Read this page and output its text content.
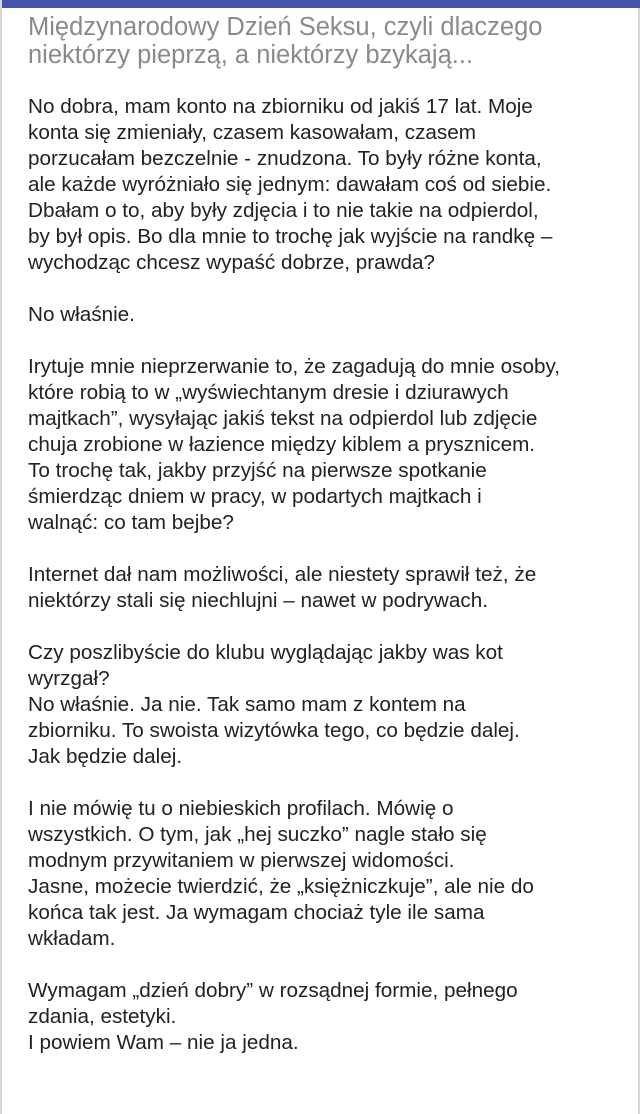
Międzynarodowy Dzień Seksu, czyli dlaczego
niektórzy pieprzą, a niektórzy bzykają...

No dobra, mam konto na zbiorniku od jakiś 17 lat. Moje
konta się zmieniały, czasem kasowałam, czasem
porzucałam bezczelnie - znudzona. To były różne konta,
ale każde wyróżniało się jednym: dawałam coś od siebie.
Dbałam o to, aby były zdjęcia i to nie takie na odpierdol,
by był opis. Bo dla mnie to trochę jak wyjście na randkę –
wychodząc chcesz wypaść dobrze, prawda?

No właśnie.

Irytuje mnie nieprzerwanie to, że zagadują do mnie osoby,
które robią to w „wyświechtanym dresie i dziurawych
majtkach”, wysyłając jakiś tekst na odpierdol lub zdjęcie
chuja zrobione w łazience między kiblem a prysznicem.
To trochę tak, jakby przyjść na pierwsze spotkanie
śmierdząc dniem w pracy, w podartych majtkach i
walnąć: co tam bejbe?

Internet dał nam możliwości, ale niestety sprawił też, że
niektórzy stali się niechlujni – nawet w podrywach.

Czy poszlibyście do klubu wyglądając jakby was kot
wyrzgał?
No właśnie. Ja nie. Tak samo mam z kontem na
zbiorniku. To swoista wizytówka tego, co będzie dalej.
Jak będzie dalej.

I nie mówię tu o niebieskich profilach. Mówię o
wszystkich. O tym, jak „hej suczko” nagle stało się
modnym przywitaniem w pierwszej widomości.
Jasne, możecie twierdzić, że „księżniczkuje”, ale nie do
końca tak jest. Ja wymagam chociaż tyle ile sama
wkładam.

Wymagam „dzień dobry” w rozsądnej formie, pełnego
zdania, estetyki.
I powiem Wam – nie ja jedna.
